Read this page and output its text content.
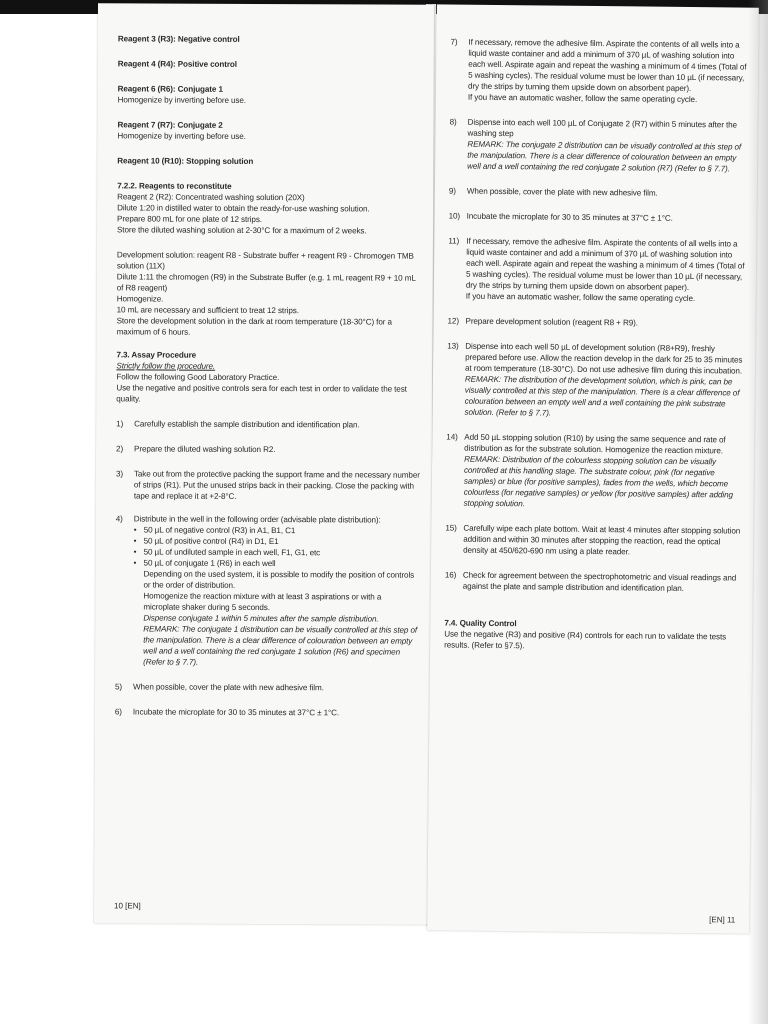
Reagent 3 (R3): Negative control
Reagent 4 (R4): Positive control
Reagent 6 (R6): Conjugate 1
Homogenize by inverting before use.
Reagent 7 (R7): Conjugate 2
Homogenize by inverting before use.
Reagent 10 (R10): Stopping solution
7.2.2. Reagents to reconstitute
Reagent 2 (R2): Concentrated washing solution (20X)
Dilute 1:20 in distilled water to obtain the ready-for-use washing solution.
Prepare 800 mL for one plate of 12 strips.
Store the diluted washing solution at 2-30°C for a maximum of 2 weeks.
Development solution: reagent R8 - Substrate buffer + reagent R9 - Chromogen TMB solution (11X)
Dilute 1:11 the chromogen (R9) in the Substrate Buffer (e.g. 1 mL reagent R9 + 10 mL of R8 reagent)
Homogenize.
10 mL are necessary and sufficient to treat 12 strips.
Store the development solution in the dark at room temperature (18-30°C) for a maximum of 6 hours.
7.3. Assay Procedure
Strictly follow the procedure.
Follow the following Good Laboratory Practice.
Use the negative and positive controls sera for each test in order to validate the test quality.
1)	Carefully establish the sample distribution and identification plan.
2)	Prepare the diluted washing solution R2.
3)	Take out from the protective packing the support frame and the necessary number of strips (R1). Put the unused strips back in their packing. Close the packing with tape and replace it at +2-8°C.
4)	Distribute in the well in the following order (advisable plate distribution):
• 50 µL of negative control (R3) in A1, B1, C1
• 50 µL of positive control (R4) in D1, E1
• 50 µL of undiluted sample in each well, F1, G1, etc
• 50 µL of conjugate 1 (R6) in each well
Depending on the used system, it is possible to modify the position of controls or the order of distribution.
Homogenize the reaction mixture with at least 3 aspirations or with a microplate shaker during 5 seconds.
Dispense conjugate 1 within 5 minutes after the sample distribution.
REMARK: The conjugate 1 distribution can be visually controlled at this step of the manipulation. There is a clear difference of colouration between an empty well and a well containing the red conjugate 1 solution (R6) and specimen (Refer to § 7.7).
5)	When possible, cover the plate with new adhesive film.
6)	Incubate the microplate for 30 to 35 minutes at 37°C ± 1°C.
10 [EN]
7)	If necessary, remove the adhesive film. Aspirate the contents of all wells into a liquid waste container and add a minimum of 370 µL of washing solution into each well. Aspirate again and repeat the washing a minimum of 4 times (Total of 5 washing cycles). The residual volume must be lower than 10 µL (if necessary, dry the strips by turning them upside down on absorbent paper).
If you have an automatic washer, follow the same operating cycle.
8)	Dispense into each well 100 µL of Conjugate 2 (R7) within 5 minutes after the washing step
REMARK: The conjugate 2 distribution can be visually controlled at this step of the manipulation. There is a clear difference of colouration between an empty well and a well containing the red conjugate 2 solution (R7) (Refer to § 7.7).
9)	When possible, cover the plate with new adhesive film.
10) Incubate the microplate for 30 to 35 minutes at 37°C ± 1°C.
11) If necessary, remove the adhesive film. Aspirate the contents of all wells into a liquid waste container and add a minimum of 370 µL of washing solution into each well. Aspirate again and repeat the washing a minimum of 4 times (Total of 5 washing cycles). The residual volume must be lower than 10 µL (if necessary, dry the strips by turning them upside down on absorbent paper).
If you have an automatic washer, follow the same operating cycle.
12) Prepare development solution (reagent R8 + R9).
13) Dispense into each well 50 µL of development solution (R8+R9), freshly prepared before use. Allow the reaction develop in the dark for 25 to 35 minutes at room temperature (18-30°C). Do not use adhesive film during this incubation.
REMARK: The distribution of the development solution, which is pink, can be visually controlled at this step of the manipulation. There is a clear difference of colouration between an empty well and a well containing the pink substrate solution. (Refer to § 7.7).
14) Add 50 µL stopping solution (R10) by using the same sequence and rate of distribution as for the substrate solution. Homogenize the reaction mixture.
REMARK: Distribution of the colourless stopping solution can be visually controlled at this handling stage. The substrate colour, pink (for negative samples) or blue (for positive samples), fades from the wells, which become colourless (for negative samples) or yellow (for positive samples) after adding stopping solution.
15) Carefully wipe each plate bottom. Wait at least 4 minutes after stopping solution addition and within 30 minutes after stopping the reaction, read the optical density at 450/620-690 nm using a plate reader.
16) Check for agreement between the spectrophotometric and visual readings and against the plate and sample distribution and identification plan.
7.4. Quality Control
Use the negative (R3) and positive (R4) controls for each run to validate the tests results. (Refer to §7.5).
[EN] 11
